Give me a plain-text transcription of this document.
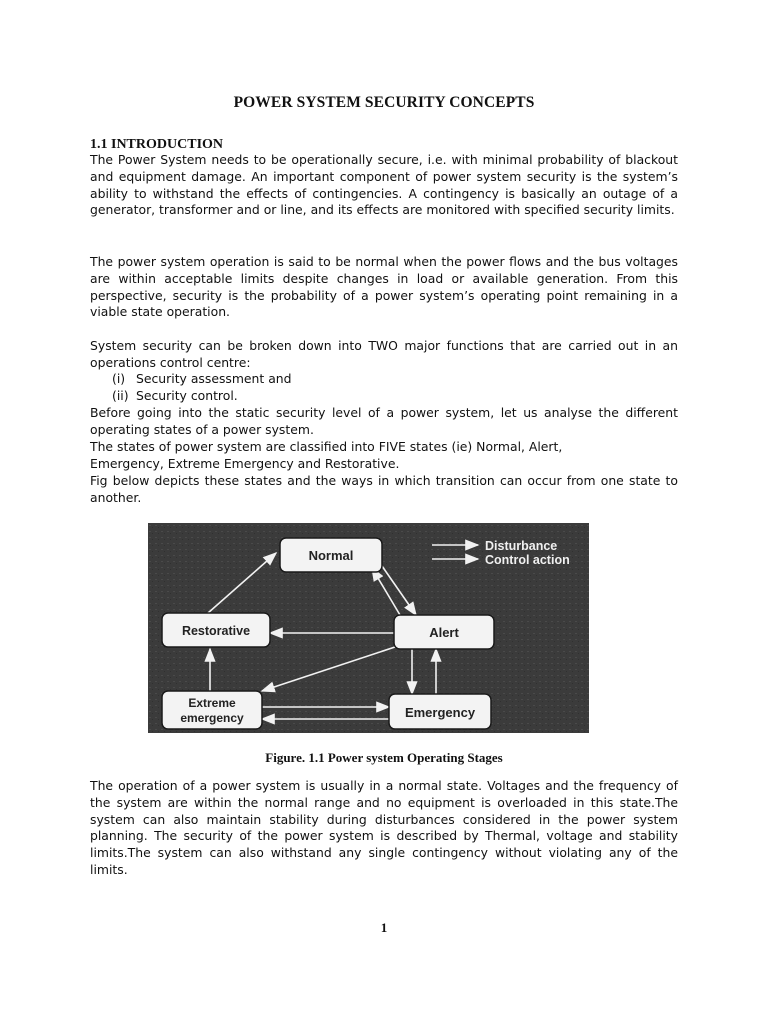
POWER SYSTEM SECURITY CONCEPTS
1.1 INTRODUCTION

The Power System needs to be operationally secure, i.e. with minimal probability of blackout and equipment damage. An important component of power system security is the system’s ability to withstand the effects of contingencies. A contingency is basically an outage of a generator, transformer and or line, and its effects are monitored with specified security limits.

The power system operation is said to be normal when the power flows and the bus voltages are within acceptable limits despite changes in load or available generation. From this perspective, security is the probability of a power system’s operating point remaining in a viable state operation.

System security can be broken down into TWO major functions that are carried out in an operations control centre:

(i) Security assessment and
(ii) Security control.

Before going into the static security level of a power system, let us analyse the different operating states of a power system.

The states of power system are classified into FIVE states (ie) Normal, Alert,
Emergency, Extreme Emergency and Restorative.

Fig below depicts these states and the ways in which transition can occur from one state to another.

Normal
Restorative	Alert
Extreme
emergency	Emergency
Disturbance
Control action
Figure. 1.1 Power system Operating Stages

The operation of a power system is usually in a normal state. Voltages and the frequency of the system are within the normal range and no equipment is overloaded in this state.The system can also maintain stability during disturbances considered in the power system planning. The security of the power system is described by Thermal, voltage and stability limits.The system can also withstand any single contingency without violating any of the limits.

1
